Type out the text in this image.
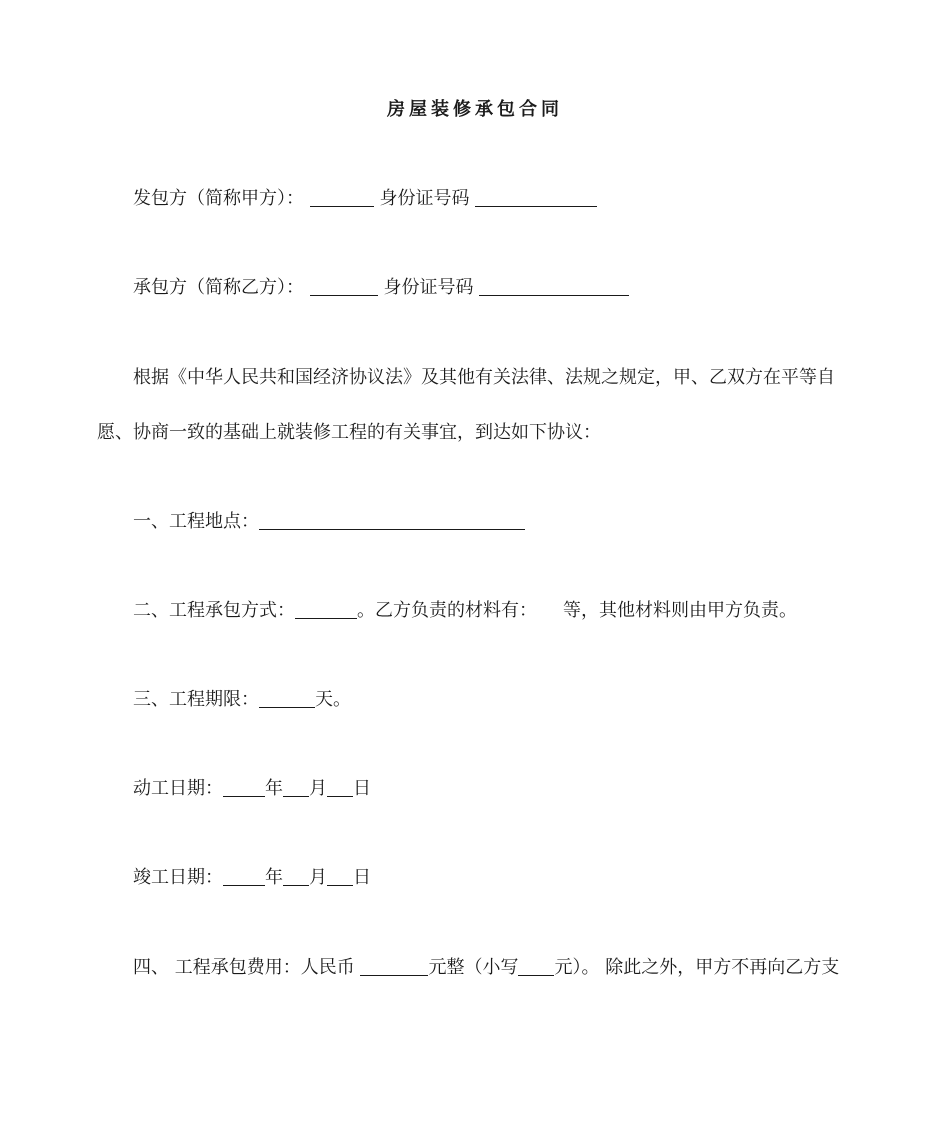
房屋装修承包合同
发包方（简称甲方）：	身份证号码
承包方（简称乙方）：	身份证号码
根据《中华人民共和国经济协议法》及其他有关法律、法规之规定，甲、乙双方在平等自
愿、协商一致的基础上就装修工程的有关事宜，到达如下协议：
一、工程地点：
二、工程承包方式：	。乙方负责的材料有： 等，其他材料则由甲方负责。
三、工程期限：	天。
动工日期： 年 月 日
竣工日期： 年 月 日
四、 工程承包费用：人民币	元整（小写 元）。 除此之外，甲方不再向乙方支
